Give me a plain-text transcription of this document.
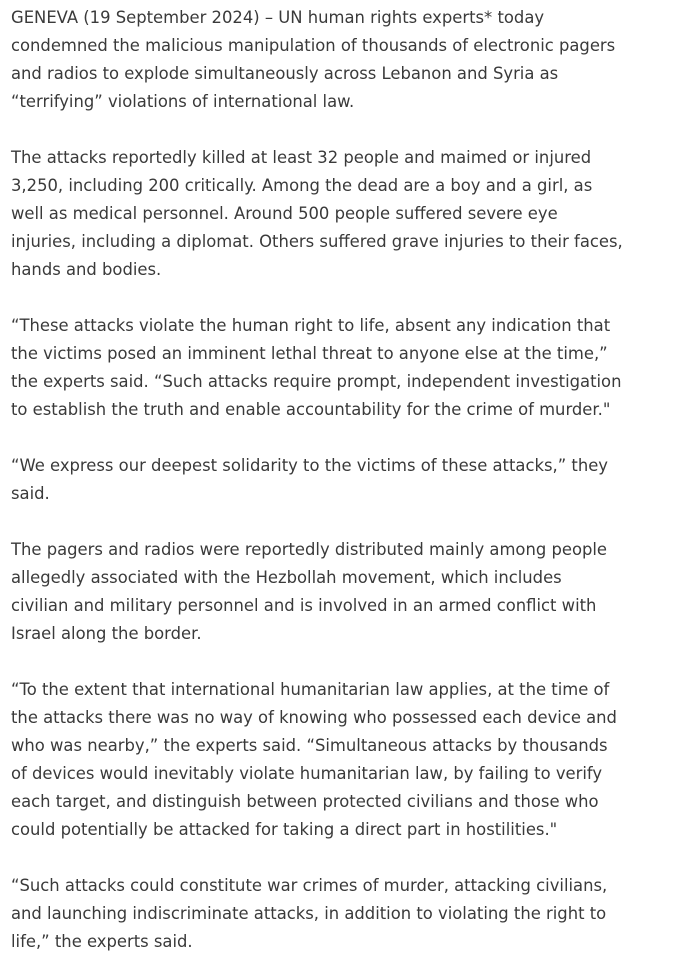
GENEVA (19 September 2024) – UN human rights experts* today
condemned the malicious manipulation of thousands of electronic pagers
and radios to explode simultaneously across Lebanon and Syria as
“terrifying” violations of international law.

The attacks reportedly killed at least 32 people and maimed or injured
3,250, including 200 critically. Among the dead are a boy and a girl, as
well as medical personnel. Around 500 people suffered severe eye
injuries, including a diplomat. Others suffered grave injuries to their faces,
hands and bodies.

“These attacks violate the human right to life, absent any indication that
the victims posed an imminent lethal threat to anyone else at the time,”
the experts said. “Such attacks require prompt, independent investigation
to establish the truth and enable accountability for the crime of murder."

“We express our deepest solidarity to the victims of these attacks,” they
said.

The pagers and radios were reportedly distributed mainly among people
allegedly associated with the Hezbollah movement, which includes
civilian and military personnel and is involved in an armed conflict with
Israel along the border.

“To the extent that international humanitarian law applies, at the time of
the attacks there was no way of knowing who possessed each device and
who was nearby,” the experts said. “Simultaneous attacks by thousands
of devices would inevitably violate humanitarian law, by failing to verify
each target, and distinguish between protected civilians and those who
could potentially be attacked for taking a direct part in hostilities."

“Such attacks could constitute war crimes of murder, attacking civilians,
and launching indiscriminate attacks, in addition to violating the right to
life,” the experts said.
